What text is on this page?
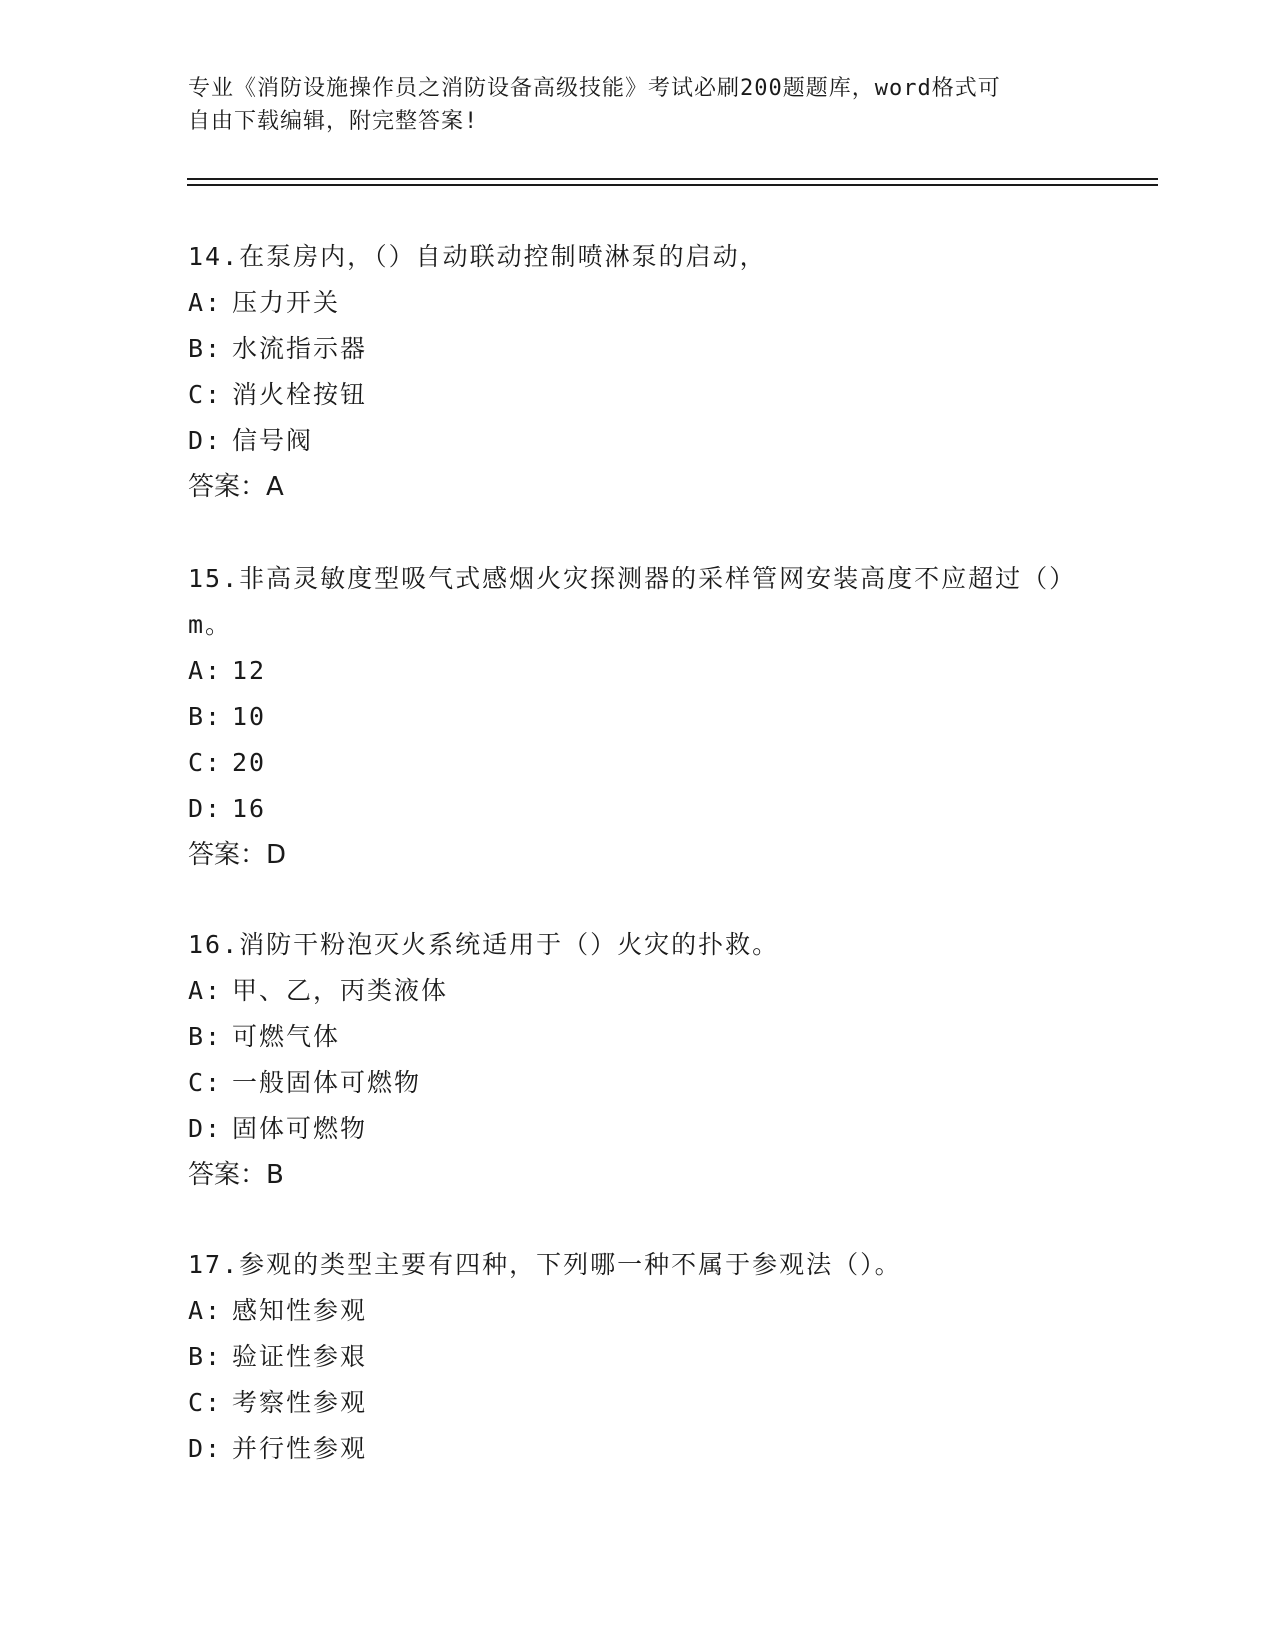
专业《消防设施操作员之消防设备高级技能》考试必刷200题题库，word格式可
自由下载编辑，附完整答案!
14.在泵房内，（）自动联动控制喷淋泵的启动，
A: 压力开关
B: 水流指示器
C: 消火栓按钮
D: 信号阀
答案：A
15.非高灵敏度型吸气式感烟火灾探测器的采样管网安装高度不应超过（）m。
A: 12
B: 10
C: 20
D: 16
答案：D
16.消防干粉泡灭火系统适用于（）火灾的扑救。
A: 甲、乙，丙类液体
B: 可燃气体
C: 一般固体可燃物
D: 固体可燃物
答案：B
17.参观的类型主要有四种，下列哪一种不属于参观法（）。
A: 感知性参观
B: 验证性参艰
C: 考察性参观
D: 并行性参观
